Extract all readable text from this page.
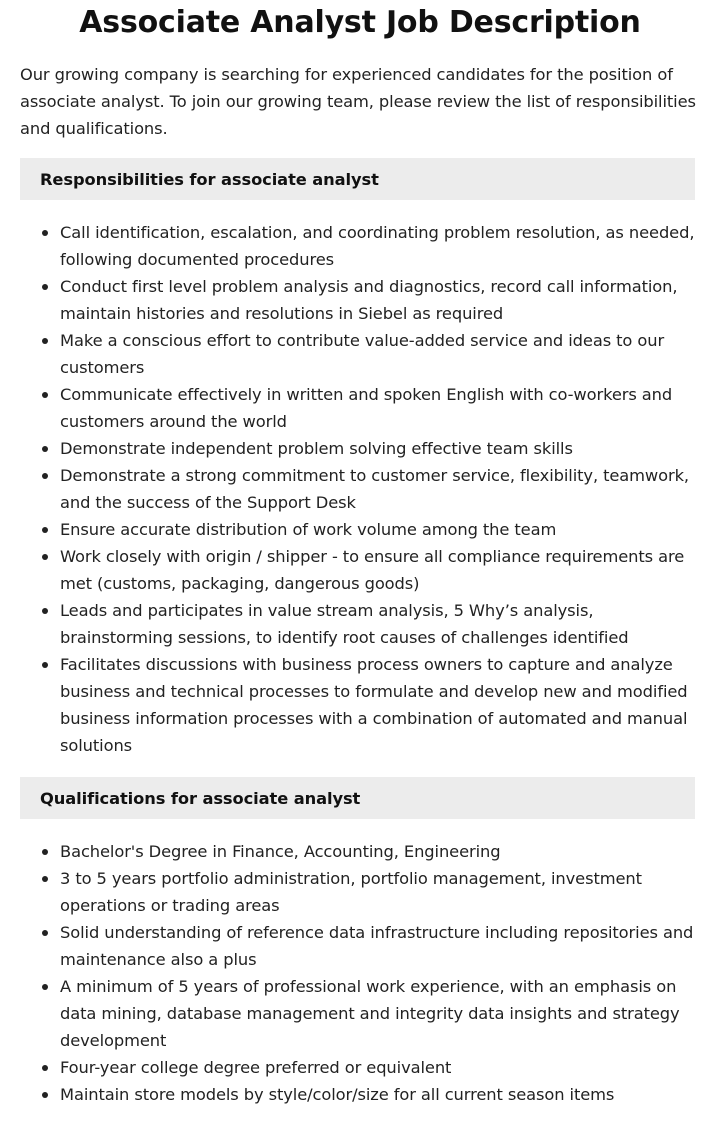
Associate Analyst Job Description

Our growing company is searching for experienced candidates for the position of associate analyst. To join our growing team, please review the list of responsibilities and qualifications.

Responsibilities for associate analyst
Call identification, escalation, and coordinating problem resolution, as needed, following documented procedures
Conduct first level problem analysis and diagnostics, record call information, maintain histories and resolutions in Siebel as required
Make a conscious effort to contribute value-added service and ideas to our customers
Communicate effectively in written and spoken English with co-workers and customers around the world
Demonstrate independent problem solving effective team skills
Demonstrate a strong commitment to customer service, flexibility, teamwork, and the success of the Support Desk
Ensure accurate distribution of work volume among the team
Work closely with origin / shipper - to ensure all compliance requirements are met (customs, packaging, dangerous goods)
Leads and participates in value stream analysis, 5 Why’s analysis, brainstorming sessions, to identify root causes of challenges identified
Facilitates discussions with business process owners to capture and analyze business and technical processes to formulate and develop new and modified business information processes with a combination of automated and manual solutions
Qualifications for associate analyst
Bachelor's Degree in Finance, Accounting, Engineering
3 to 5 years portfolio administration, portfolio management, investment operations or trading areas
Solid understanding of reference data infrastructure including repositories and maintenance also a plus
A minimum of 5 years of professional work experience, with an emphasis on data mining, database management and integrity data insights and strategy development
Four-year college degree preferred or equivalent
Maintain store models by style/color/size for all current season items
